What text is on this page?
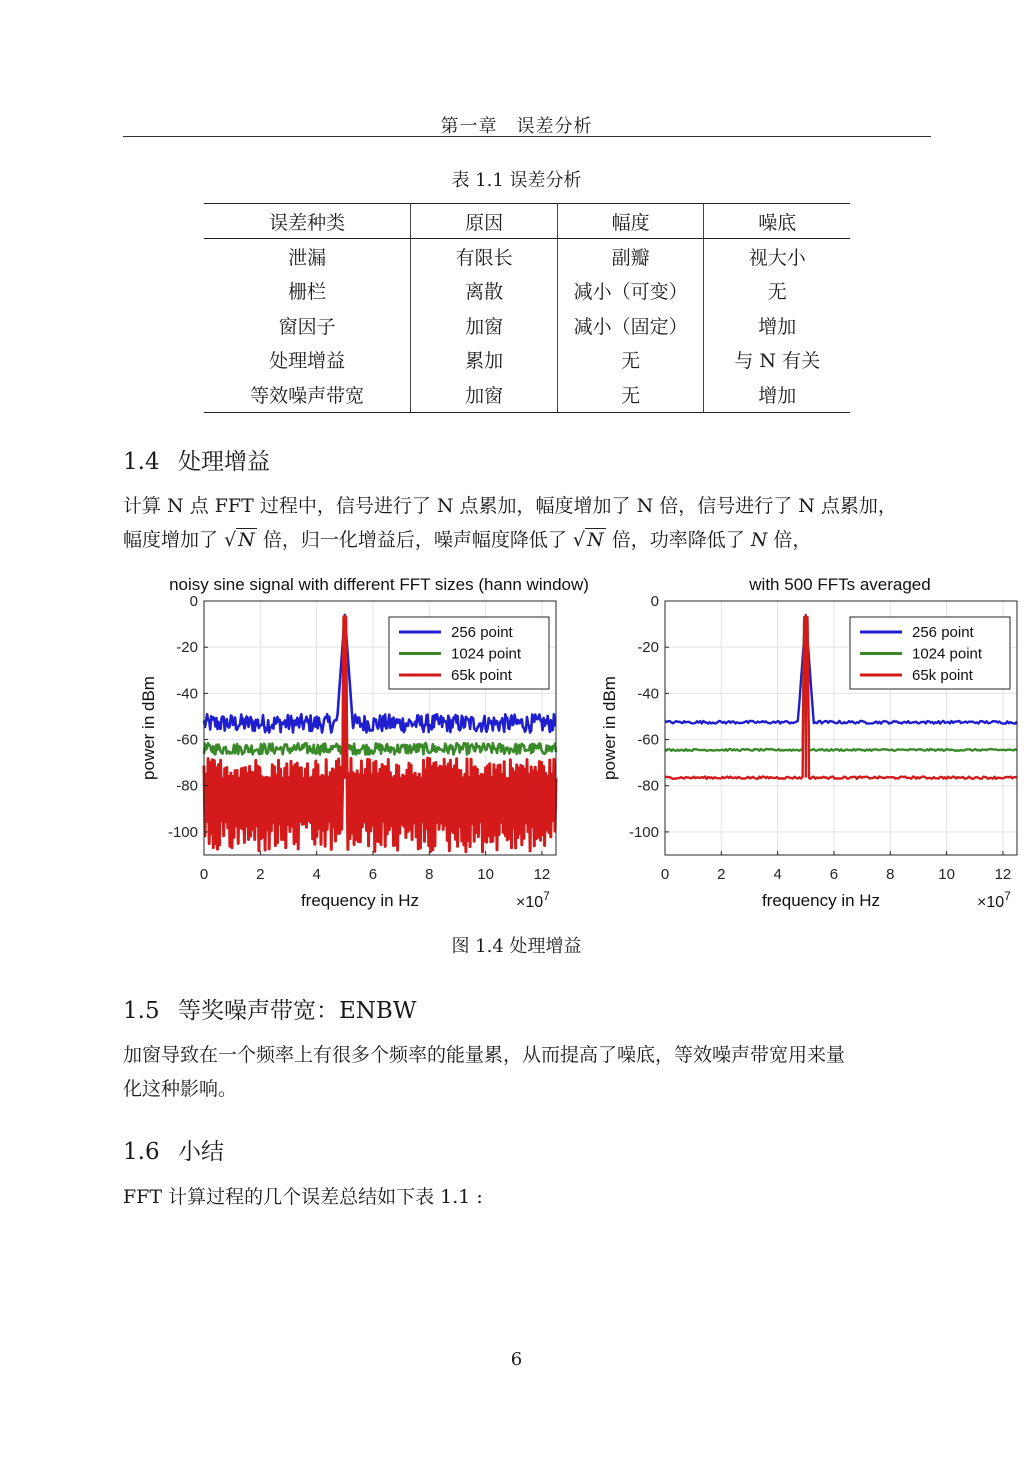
第一章　误差分析
表 1.1 误差分析
误差种类	原因	幅度	噪底
泄漏	有限长	副瓣	视大小
栅栏	离散	减小（可变）	无
窗因子	加窗	减小（固定）	增加
处理增益	累加	无	与 N 有关
等效噪声带宽	加窗	无	增加
1.4 处理增益
计算 N 点 FFT 过程中，信号进行了 N 点累加，幅度增加了 N 倍，信号进行了 N 点累加，
幅度增加了 √ N 倍，归一化增益后，噪声幅度降低了 √ N 倍，功率降低了 N 倍，
0	2	4	6	8	10	12
0
-20
-40
-60
-80
-100
noisy sine signal with different FFT sizes (hann window)
frequency in Hz
power in dBm
$\times 10^7$
256 point
1024 point
65k point
0	2	4	6	8	10	12
0
-20
-40
-60
-80
-100
with 500 FFTs averaged
frequency in Hz
power in dBm
$\times 10^7$
256 point
1024 point
65k point
图 1.4 处理增益
1.5 等奖噪声带宽：ENBW
加窗导致在一个频率上有很多个频率的能量累，从而提高了噪底，等效噪声带宽用来量
化这种影响。
1.6 小结
FFT 计算过程的几个误差总结如下表 1.1 :
6
